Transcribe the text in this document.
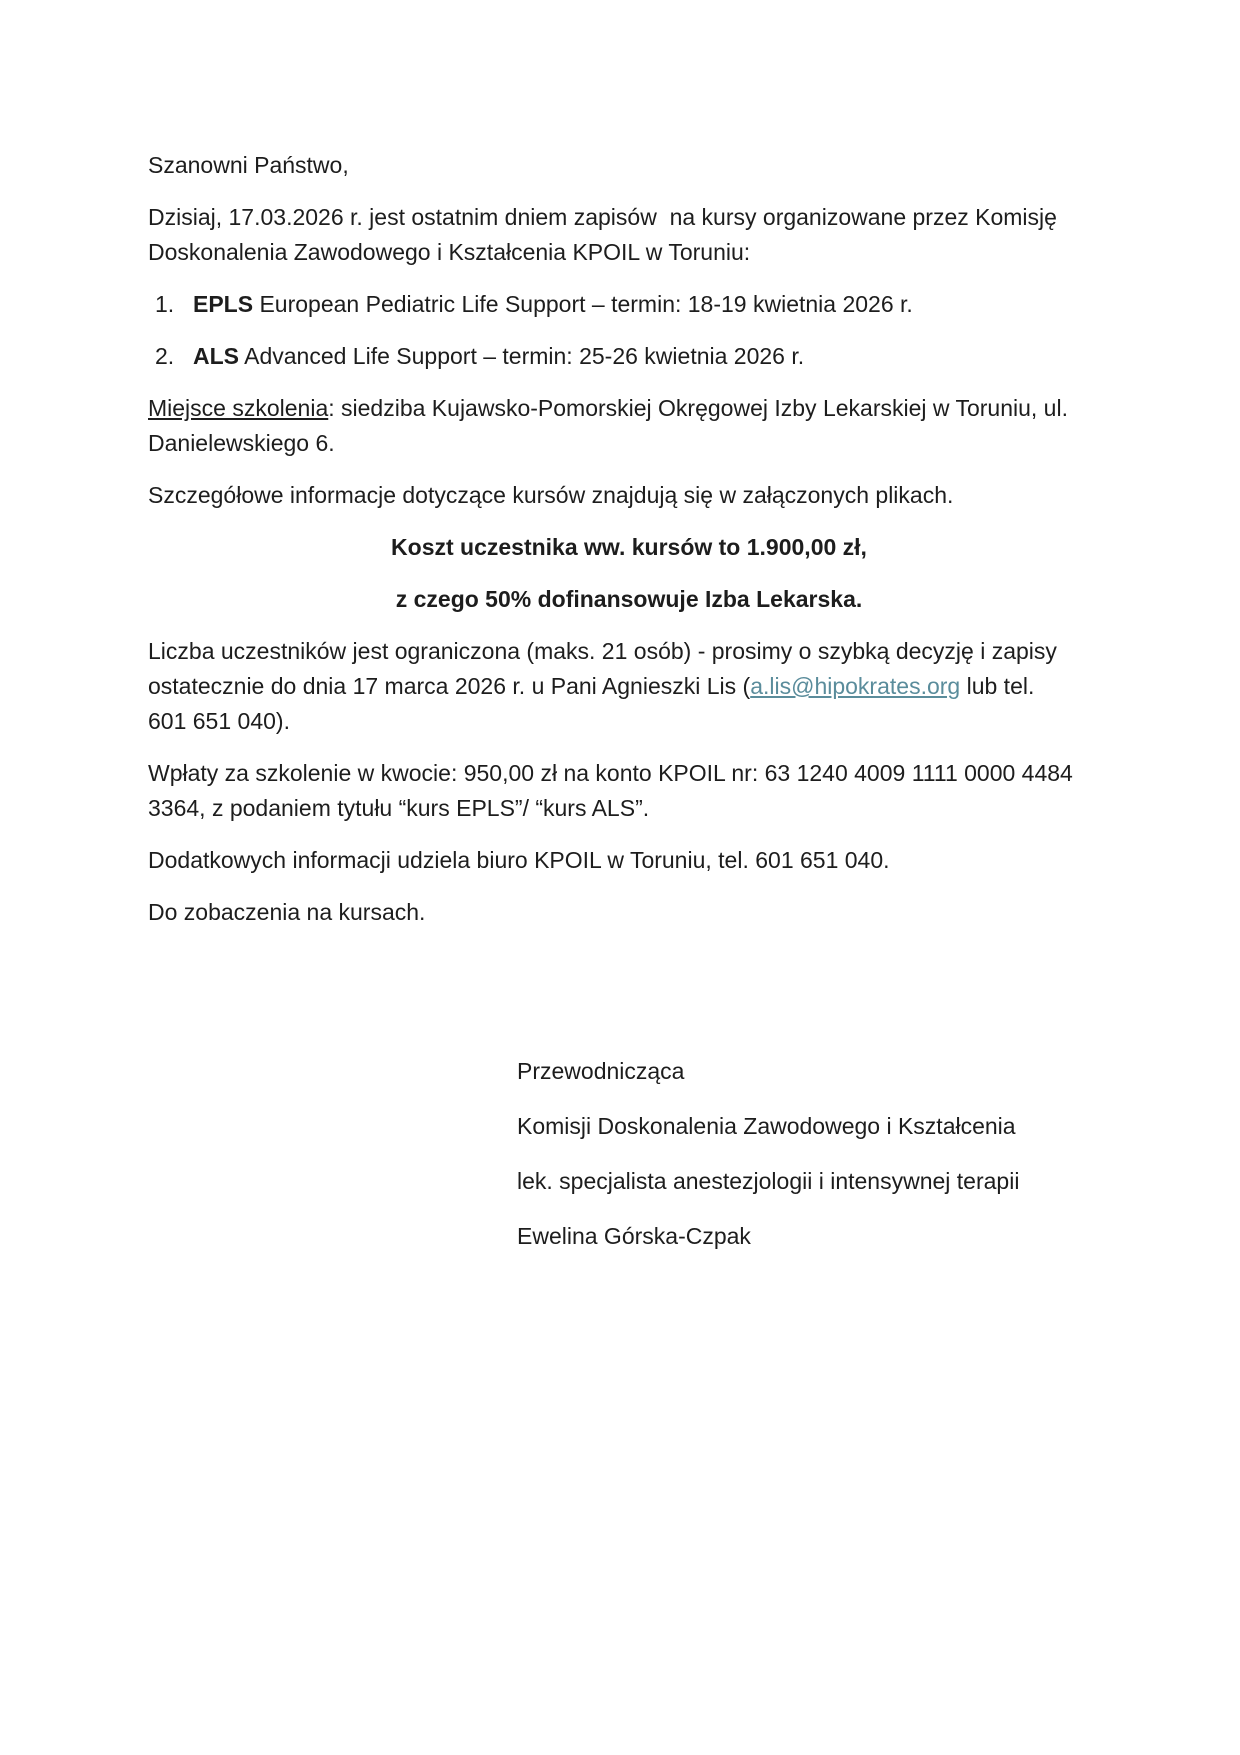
Szanowni Państwo,

Dzisiaj, 17.03.2026 r. jest ostatnim dniem zapisów  na kursy organizowane przez Komisję
Doskonalenia Zawodowego i Kształcenia KPOIL w Toruniu:

1. EPLS European Pediatric Life Support – termin: 18-19 kwietnia 2026 r.
2. ALS Advanced Life Support – termin: 25-26 kwietnia 2026 r.

Miejsce szkolenia: siedziba Kujawsko-Pomorskiej Okręgowej Izby Lekarskiej w Toruniu, ul.
Danielewskiego 6.

Szczegółowe informacje dotyczące kursów znajdują się w załączonych plikach.

Koszt uczestnika ww. kursów to 1.900,00 zł,

z czego 50% dofinansowuje Izba Lekarska.

Liczba uczestników jest ograniczona (maks. 21 osób) - prosimy o szybką decyzję i zapisy
ostatecznie do dnia 17 marca 2026 r. u Pani Agnieszki Lis (a.lis@hipokrates.org lub tel.
601 651 040).

Wpłaty za szkolenie w kwocie: 950,00 zł na konto KPOIL nr: 63 1240 4009 1111 0000 4484
3364, z podaniem tytułu “kurs EPLS”/ “kurs ALS”.

Dodatkowych informacji udziela biuro KPOIL w Toruniu, tel. 601 651 040.

Do zobaczenia na kursach.

Przewodnicząca

Komisji Doskonalenia Zawodowego i Kształcenia

lek. specjalista anestezjologii i intensywnej terapii

Ewelina Górska-Czpak
